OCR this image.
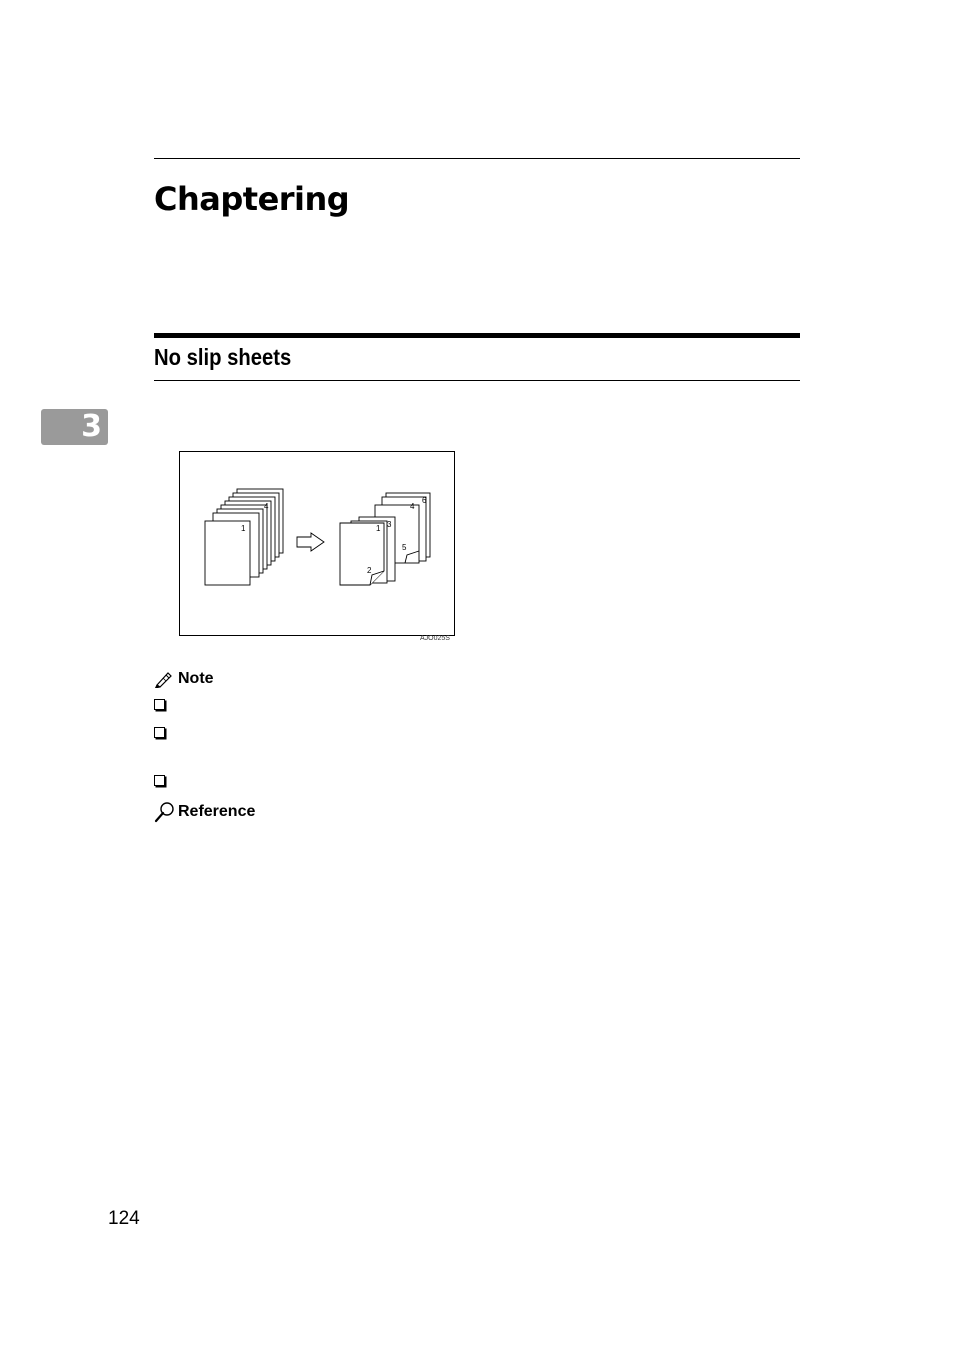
Chaptering
No slip sheets
3
4
1
6
4
3
1
5
2
AJO025S
Note
Reference
124
